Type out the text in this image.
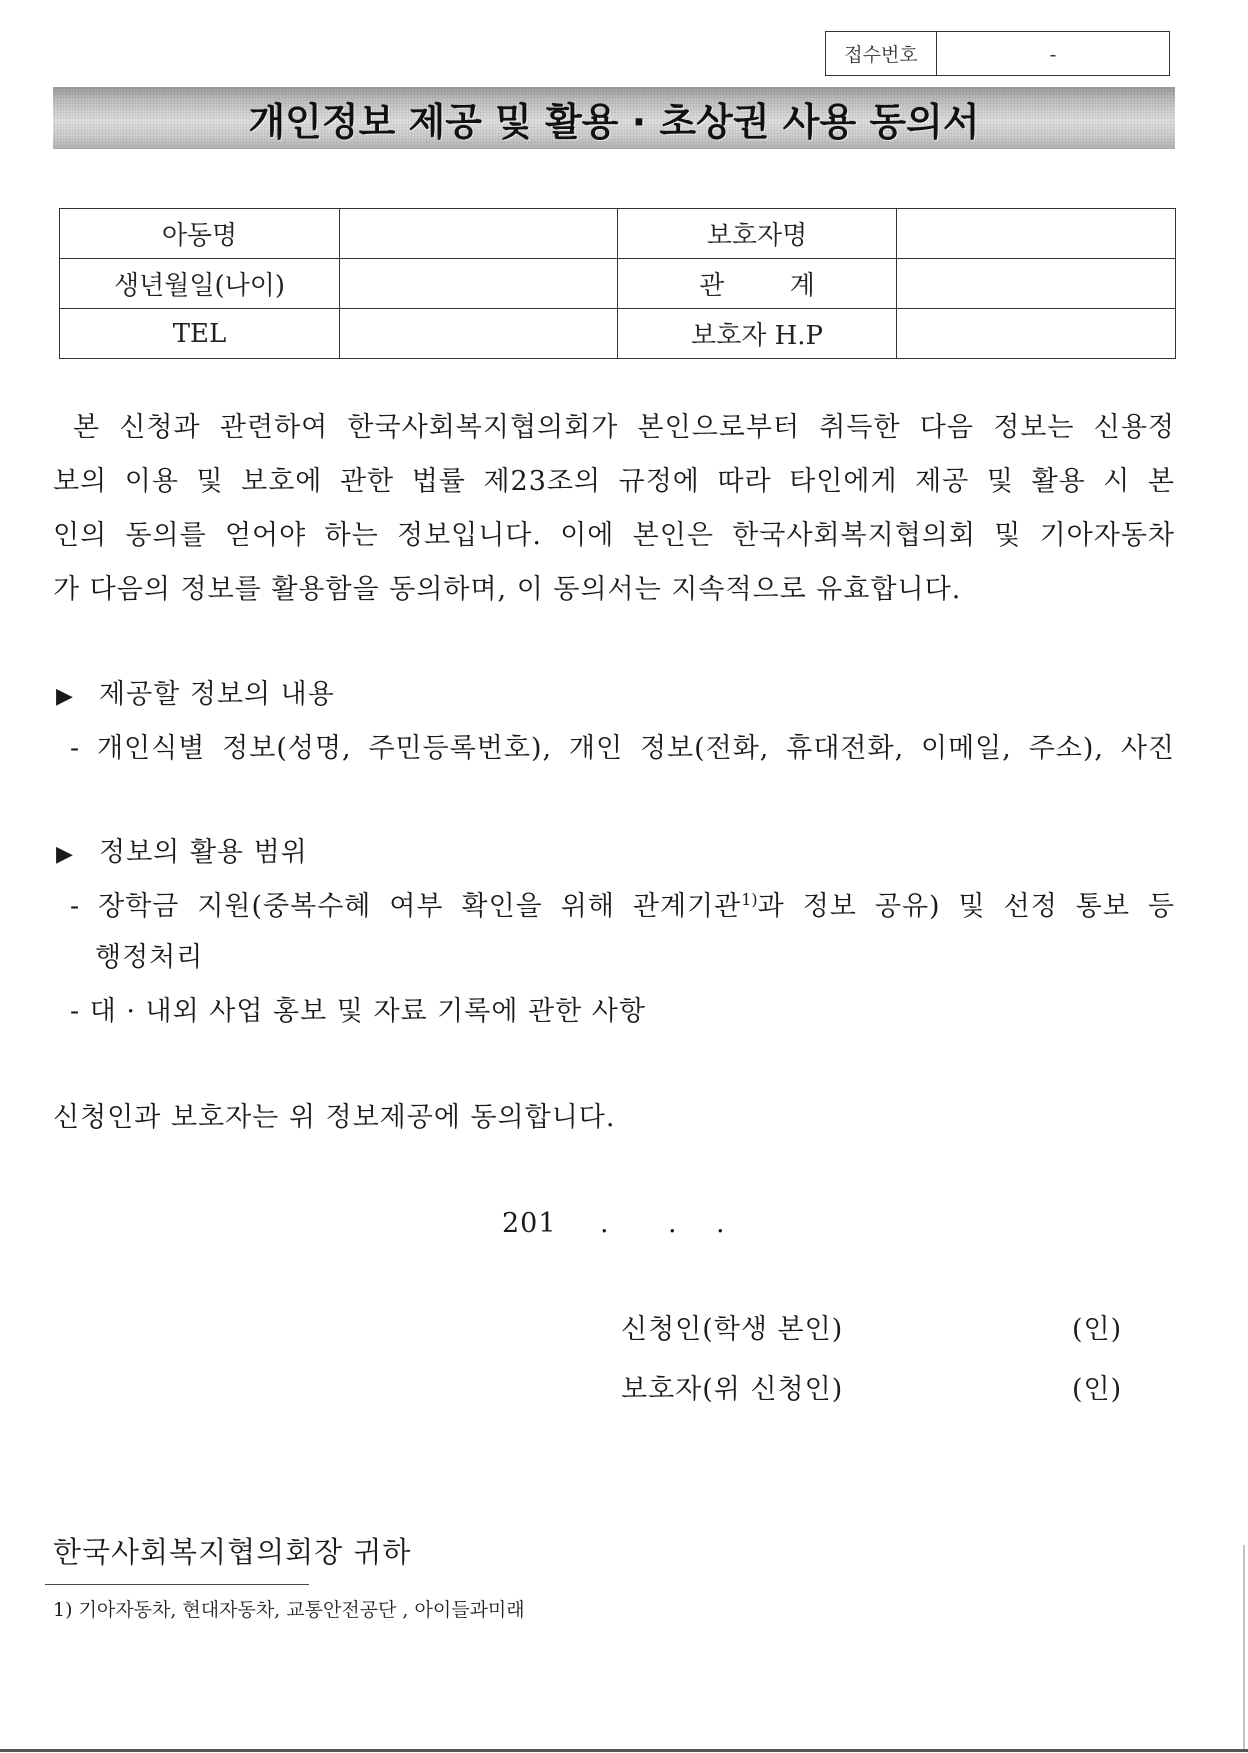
접수번호	-
개인정보 제공 및 활용 · 초상권 사용 동의서
아동명		보호자명	
생년월일(나이)		관 계	
TEL		보호자 H.P	
본 신청과 관련하여 한국사회복지협의회가 본인으로부터 취득한 다음 정보는 신용정
보의 이용 및 보호에 관한 법률 제23조의 규정에 따라 타인에게 제공 및 활용 시 본
인의 동의를 얻어야 하는 정보입니다. 이에 본인은 한국사회복지협의회 및 기아자동차
가 다음의 정보를 활용함을 동의하며, 이 동의서는 지속적으로 유효합니다.
▶ 제공할 정보의 내용
- 개인식별 정보(성명, 주민등록번호), 개인 정보(전화, 휴대전화, 이메일, 주소), 사진
▶ 정보의 활용 범위
- 장학금 지원(중복수혜 여부 확인을 위해 관계기관$^{1)}$과 정보 공유) 및 선정 통보 등
행정처리
- 대 · 내외 사업 홍보 및 자료 기록에 관한 사항
신청인과 보호자는 위 정보제공에 동의합니다.
201 . . .
신청인(학생 본인)	(인)
보호자(위 신청인)	(인)
한국사회복지협의회장 귀하
1) 기아자동차, 현대자동차, 교통안전공단 , 아이들과미래
